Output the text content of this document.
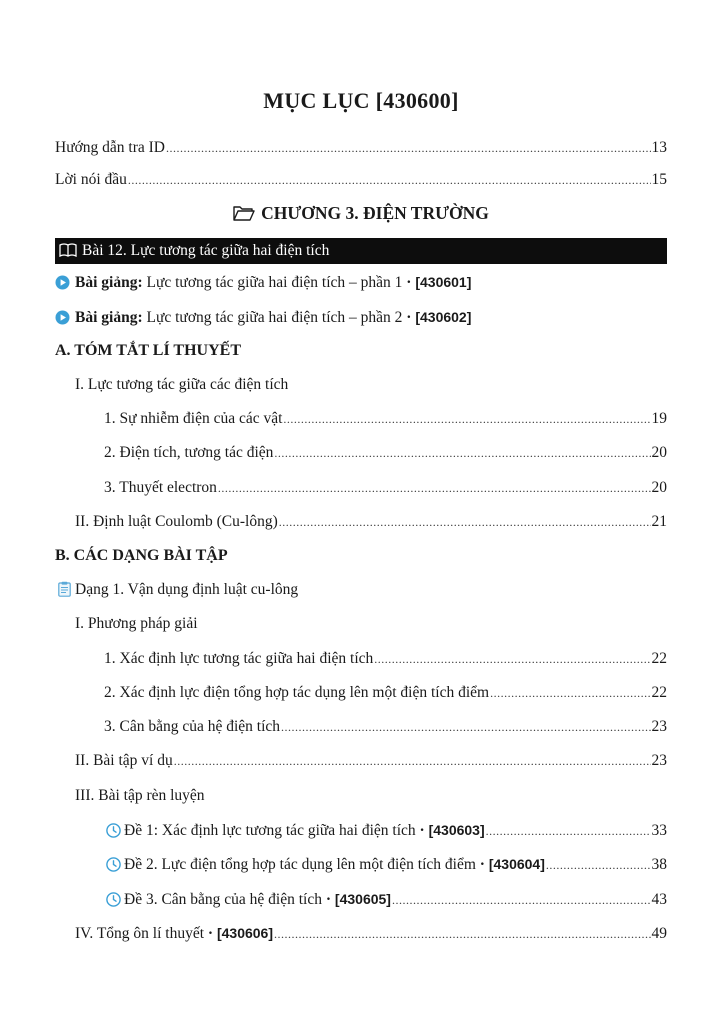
MỤC LỤC [430600]
Hướng dẫn tra ID .....	13
Lời nói đầu .....	15
CHƯƠNG 3. ĐIỆN TRƯỜNG
Bài 12. Lực tương tác giữa hai điện tích
Bài giảng: Lực tương tác giữa hai điện tích – phần 1 · [430601]
Bài giảng: Lực tương tác giữa hai điện tích – phần 2 · [430602]
A. TÓM TẮT LÍ THUYẾT
I. Lực tương tác giữa các điện tích
1. Sự nhiễm điện của các vật .....	19
2. Điện tích, tương tác điện .....	20
3. Thuyết electron .....	20
II. Định luật Coulomb (Cu-lông) .....	21
B. CÁC DẠNG BÀI TẬP
Dạng 1. Vận dụng định luật cu-lông
I. Phương pháp giải
1. Xác định lực tương tác giữa hai điện tích .....	22
2. Xác định lực điện tổng hợp tác dụng lên một điện tích điểm .....	22
3. Cân bằng của hệ điện tích .....	23
II. Bài tập ví dụ .....	23
III. Bài tập rèn luyện
Đề 1: Xác định lực tương tác giữa hai điện tích · [430603] .....	33
Đề 2. Lực điện tổng hợp tác dụng lên một điện tích điểm · [430604] .....	38
Đề 3. Cân bằng của hệ điện tích · [430605] .....	43
IV. Tổng ôn lí thuyết · [430606] .....	49
